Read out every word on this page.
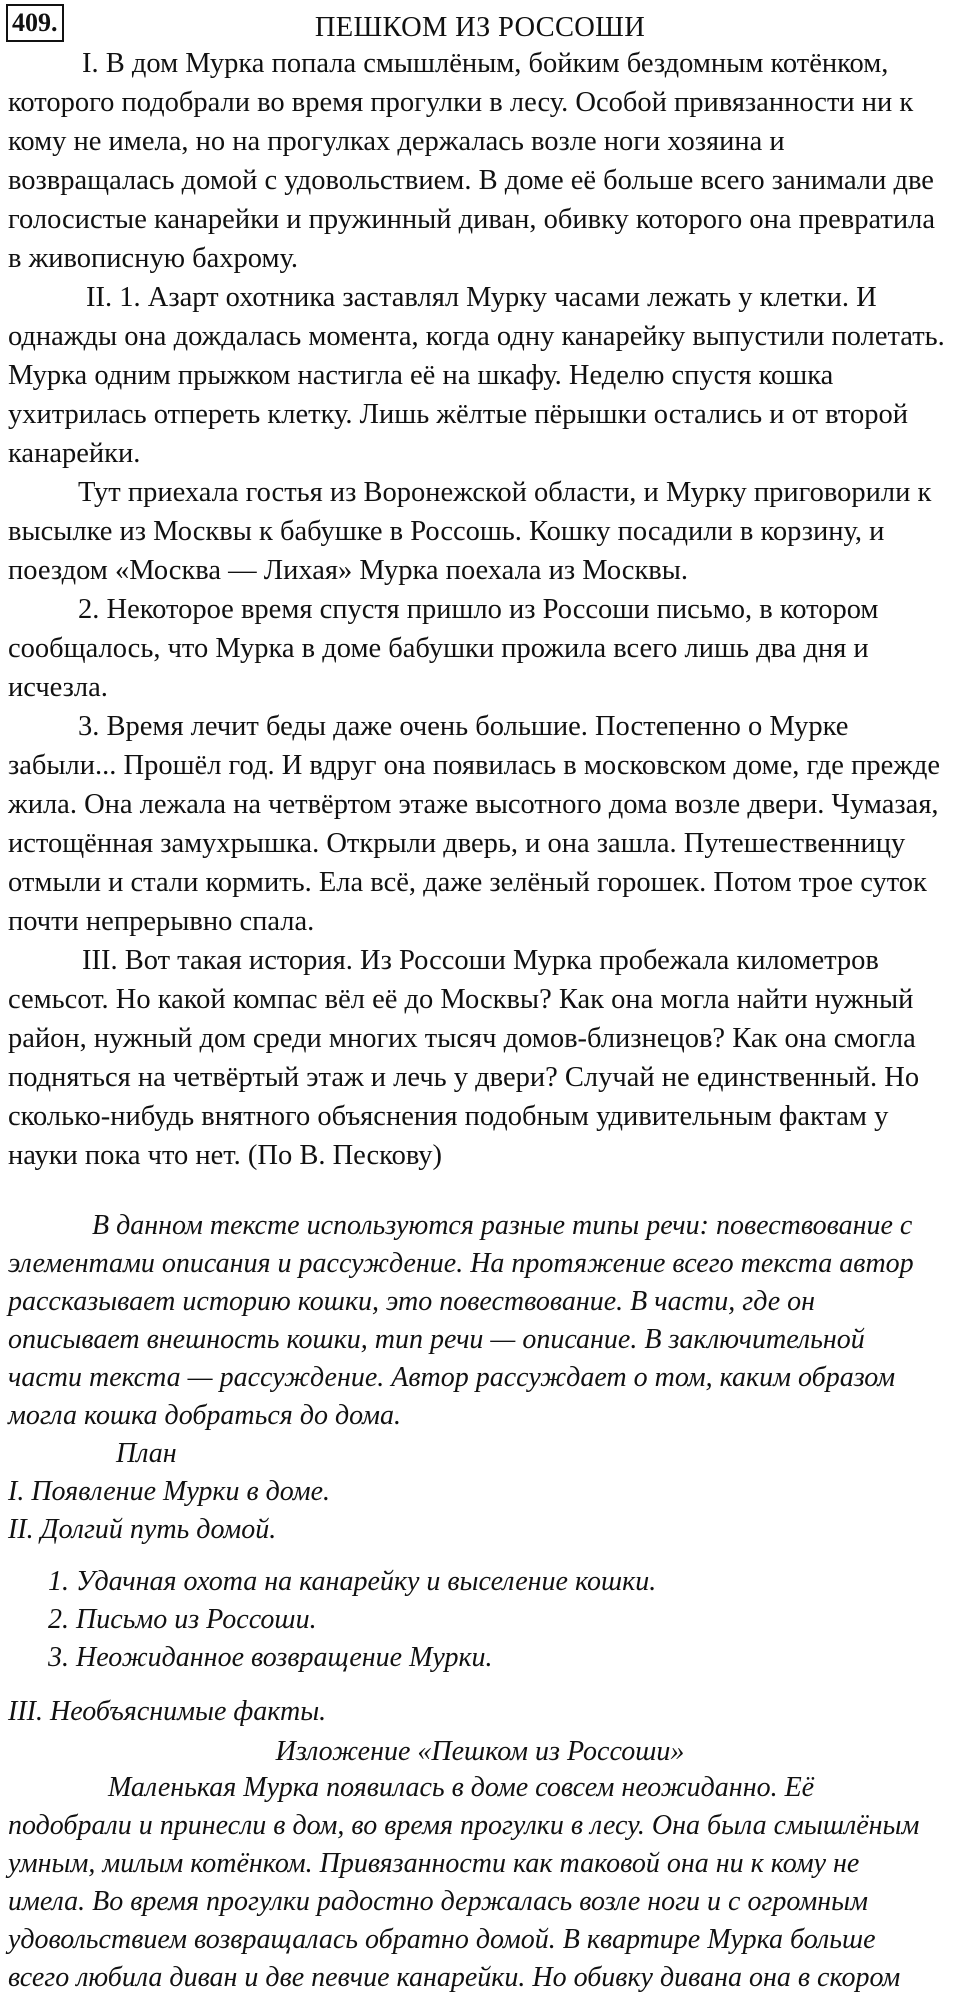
409.	ПЕШКОМ ИЗ РОССОШИ
I. В дом Мурка попала смышлёным, бойким бездомным котёнком,
которого подобрали во время прогулки в лесу. Особой привязанности ни к
кому не имела, но на прогулках держалась возле ноги хозяина и
возвращалась домой с удовольствием. В доме её больше всего занимали две
голосистые канарейки и пружинный диван, обивку которого она превратила
в живописную бахрому.
II. 1. Азарт охотника заставлял Мурку часами лежать у клетки. И
однажды она дождалась момента, когда одну канарейку выпустили полетать.
Мурка одним прыжком настигла её на шкафу. Неделю спустя кошка
ухитрилась отпереть клетку. Лишь жёлтые пёрышки остались и от второй
канарейки.
Тут приехала гостья из Воронежской области, и Мурку приговорили к
высылке из Москвы к бабушке в Россошь. Кошку посадили в корзину, и
поездом «Москва — Лихая» Мурка поехала из Москвы.
2. Некоторое время спустя пришло из Россоши письмо, в котором
сообщалось, что Мурка в доме бабушки прожила всего лишь два дня и
исчезла.
3. Время лечит беды даже очень большие. Постепенно о Мурке
забыли... Прошёл год. И вдруг она появилась в московском доме, где прежде
жила. Она лежала на четвёртом этаже высотного дома возле двери. Чумазая,
истощённая замухрышка. Открыли дверь, и она зашла. Путешественницу
отмыли и стали кормить. Ела всё, даже зелёный горошек. Потом трое суток
почти непрерывно спала.
III. Вот такая история. Из Россоши Мурка пробежала километров
семьсот. Но какой компас вёл её до Москвы? Как она могла найти нужный
район, нужный дом среди многих тысяч домов-близнецов? Как она смогла
подняться на четвёртый этаж и лечь у двери? Случай не единственный. Но
сколько-нибудь внятного объяснения подобным удивительным фактам у
науки пока что нет. (По В. Пескову)
В данном тексте используются разные типы речи: повествование с
элементами описания и рассуждение. На протяжение всего текста автор
рассказывает историю кошки, это повествование. В части, где он
описывает внешность кошки, тип речи — описание. В заключительной
части текста — рассуждение. Автор рассуждает о том, каким образом
могла кошка добраться до дома.
План
I. Появление Мурки в доме.
II. Долгий путь домой.
1. Удачная охота на канарейку и выселение кошки.
2. Письмо из Россоши.
3. Неожиданное возвращение Мурки.
III. Необъяснимые факты.
Изложение «Пешком из Россоши»
Маленькая Мурка появилась в доме совсем неожиданно. Её
подобрали и принесли в дом, во время прогулки в лесу. Она была смышлёным
умным, милым котёнком. Привязанности как таковой она ни к кому не
имела. Во время прогулки радостно держалась возле ноги и с огромным
удовольствием возвращалась обратно домой. В квартире Мурка больше
всего любила диван и две певчие канарейки. Но обивку дивана она в скором
